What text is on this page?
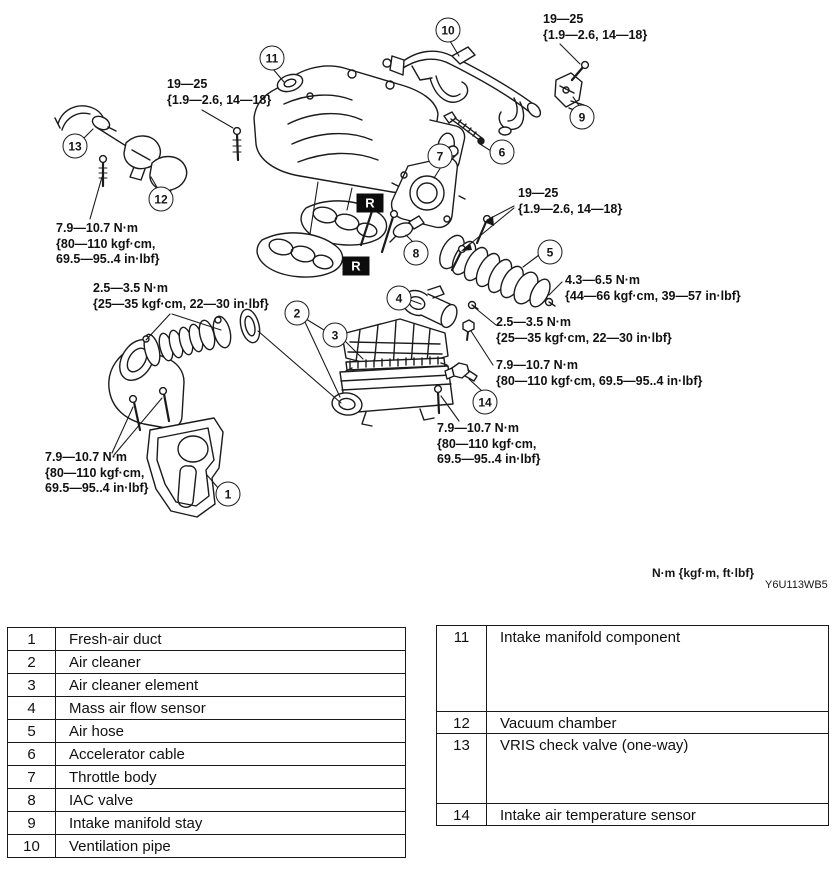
1
2
3
4
5
6
7
8
9
10
11
12
13
14
R
R
19—25
{1.9—2.6, 14—18}
19—25
{1.9—2.6, 14—18}
19—25
{1.9—2.6, 14—18}
7.9—10.7 N·m
{80—110 kgf·cm,
69.5—95..4 in·lbf}
2.5—3.5 N·m
{25—35 kgf·cm, 22—30 in·lbf}
4.3—6.5 N·m
{44—66 kgf·cm, 39—57 in·lbf}
2.5—3.5 N·m
{25—35 kgf·cm, 22—30 in·lbf}
7.9—10.7 N·m
{80—110 kgf·cm, 69.5—95..4 in·lbf}
7.9—10.7 N·m
{80—110 kgf·cm,
69.5—95..4 in·lbf}
7.9—10.7 N·m
{80—110 kgf·cm,
69.5—95..4 in·lbf}
N·m {kgf·m, ft·lbf}
Y6U113WB5
1	Fresh-air duct
2	Air cleaner
3	Air cleaner element
4	Mass air flow sensor
5	Air hose
6	Accelerator cable
7	Throttle body
8	IAC valve
9	Intake manifold stay
10	Ventilation pipe
11	Intake manifold component
12	Vacuum chamber
13	VRIS check valve (one-way)
14	Intake air temperature sensor
